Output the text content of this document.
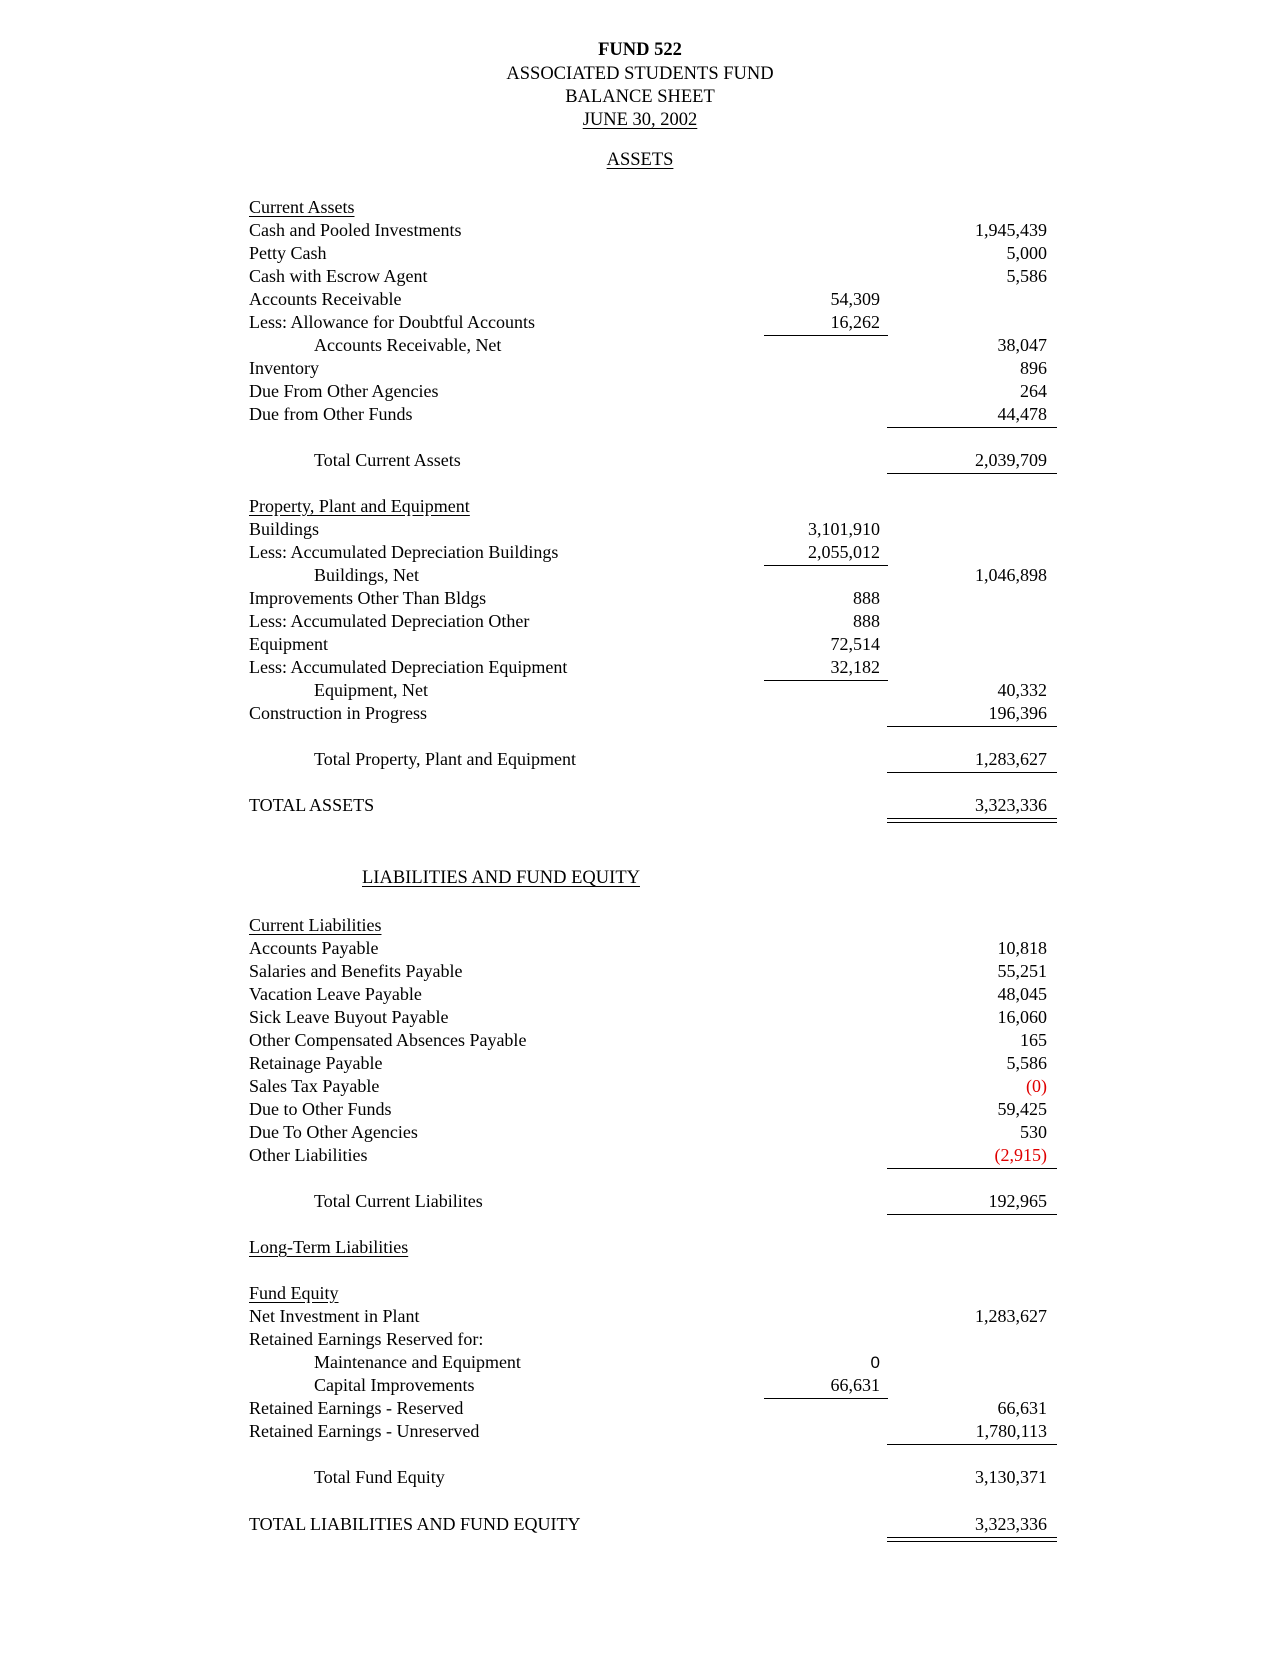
FUND 522
ASSOCIATED STUDENTS FUND
BALANCE SHEET
JUNE 30, 2002
ASSETS
Current Assets
Cash and Pooled Investments	1,945,439
Petty Cash	5,000
Cash with Escrow Agent	5,586
Accounts Receivable	54,309
Less: Allowance for Doubtful Accounts	16,262
Accounts Receivable, Net	38,047
Inventory	896
Due From Other Agencies	264
Due from Other Funds	44,478
Total Current Assets	2,039,709
Property, Plant and Equipment
Buildings	3,101,910
Less: Accumulated Depreciation Buildings	2,055,012
Buildings, Net	1,046,898
Improvements Other Than Bldgs	888
Less: Accumulated Depreciation Other	888
Equipment	72,514
Less: Accumulated Depreciation Equipment	32,182
Equipment, Net	40,332
Construction in Progress	196,396
Total Property, Plant and Equipment	1,283,627
TOTAL ASSETS	3,323,336
LIABILITIES AND FUND EQUITY
Current Liabilities
Accounts Payable	10,818
Salaries and Benefits Payable	55,251
Vacation Leave Payable	48,045
Sick Leave Buyout Payable	16,060
Other Compensated Absences Payable	165
Retainage Payable	5,586
Sales Tax Payable	(0)
Due to Other Funds	59,425
Due To Other Agencies	530
Other Liabilities	(2,915)
Total Current Liabilites	192,965
Long-Term Liabilities
Fund Equity
Net Investment in Plant	1,283,627
Retained Earnings Reserved for:
Maintenance and Equipment	0
Capital Improvements	66,631
Retained Earnings - Reserved	66,631
Retained Earnings - Unreserved	1,780,113
Total Fund Equity	3,130,371
TOTAL LIABILITIES AND FUND EQUITY	3,323,336
